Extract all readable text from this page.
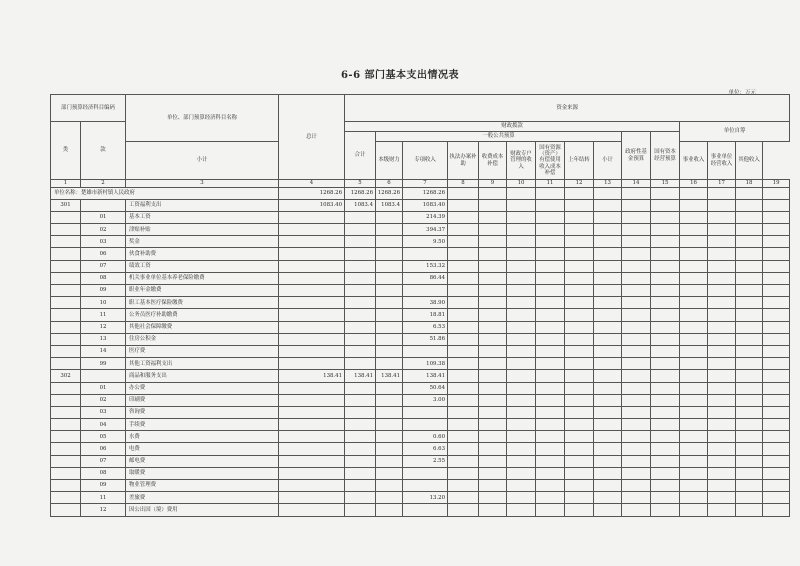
6-6 部门基本支出情况表
单位：万元
部门预算经济科目编码		单位、部门预算经济科目名称	总计	资金来源														
类	款			财政拨款											单位自筹			
				合计	一般公共预算								政府性基金预算	国有资本经营预算				
		小计			本级财力	专项收入	执法办案补助	收费成本补偿	财政专户管理的收入	国有资源（资产）有偿使用收入成本补偿	上年结转	小计			事业收入	事业单位经营收入	其他收入	
1	2	3	4	5	6	7	8	9	10	11	12	13	14	15	16	17	18	19
单位名称：楚雄市新村镇人民政府			1268.26	1268.26	1268.26	1268.26												
301		工资福利支出	1083.40	1083.4	1083.4	1083.40												
	01	基本工资				214.39												
	02	津贴补贴				394.37												
	03	奖金				9.50												
	06	伙食补助费																
	07	绩效工资				153.32												
	08	机关事业单位基本养老保险缴费				86.44												
	09	职业年金缴费																
	10	职工基本医疗保险缴费				38.90												
	11	公务员医疗补助缴费				18.81												
	12	其他社会保障缴费				6.53												
	13	住房公积金				51.86												
	14	医疗费																
	99	其他工资福利支出				109.38												
302		商品和服务支出	138.41	138.41	138.41	138.41												
	01	办公费				50.64												
	02	印刷费				3.00												
	03	咨询费																
	04	手续费																
	05	水费				0.60												
	06	电费				6.63												
	07	邮电费				2.55												
	08	取暖费																
	09	物业管理费																
	11	差旅费				13.20												
	12	因公出国（境）费用																
